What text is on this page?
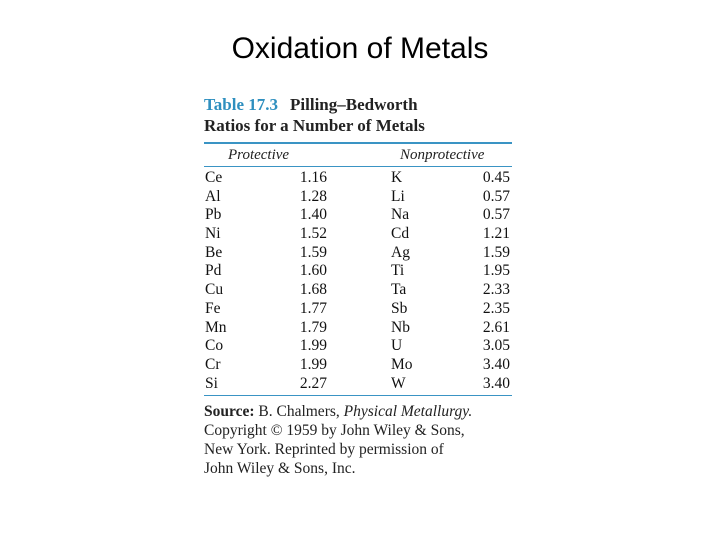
Oxidation of Metals
Table 17.3 Pilling–Bedworth
Ratios for a Number of Metals
Protective	Nonprotective
Ce	1.16	K	0.45
Al	1.28	Li	0.57
Pb	1.40	Na	0.57
Ni	1.52	Cd	1.21
Be	1.59	Ag	1.59
Pd	1.60	Ti	1.95
Cu	1.68	Ta	2.33
Fe	1.77	Sb	2.35
Mn	1.79	Nb	2.61
Co	1.99	U	3.05
Cr	1.99	Mo	3.40
Si	2.27	W	3.40
Source: B. Chalmers, Physical Metallurgy.
Copyright © 1959 by John Wiley & Sons,
New York. Reprinted by permission of
John Wiley & Sons, Inc.
